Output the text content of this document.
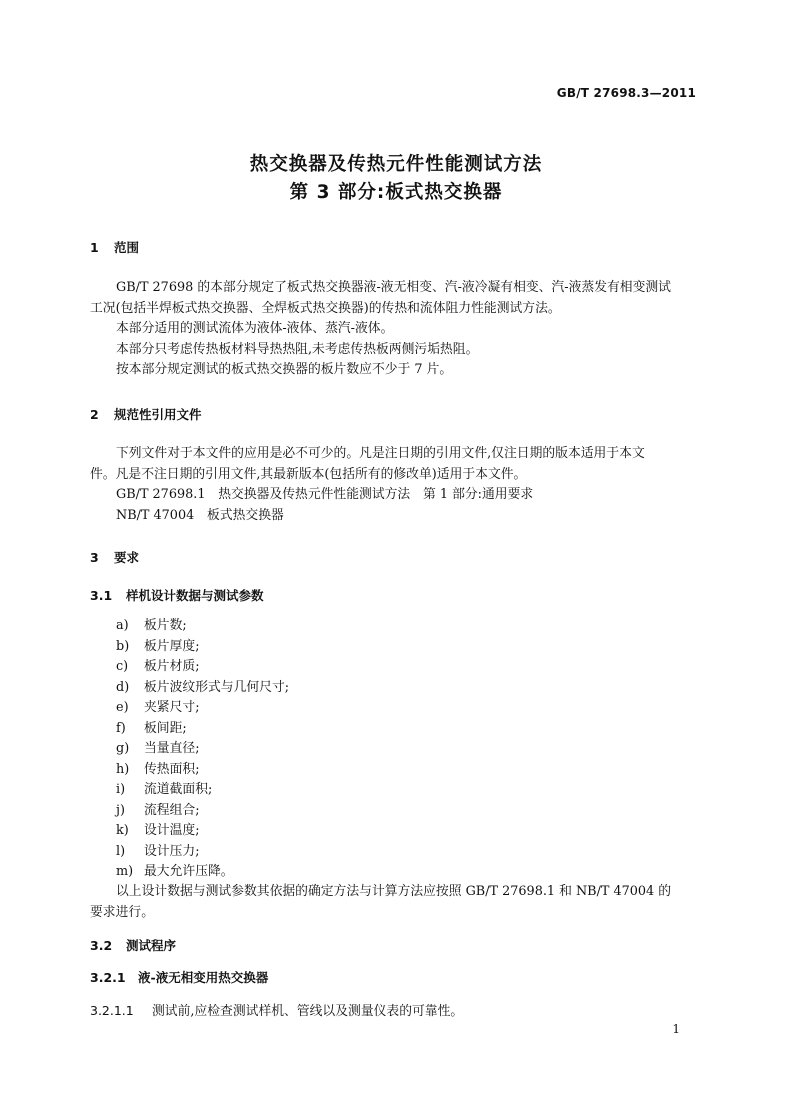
GB/T 27698.3—2011
热交换器及传热元件性能测试方法
第 3 部分:板式热交换器
1 范围
GB/T 27698 的本部分规定了板式热交换器液-液无相变、汽-液冷凝有相变、汽-液蒸发有相变测试
工况(包括半焊板式热交换器、全焊板式热交换器)的传热和流体阻力性能测试方法。
本部分适用的测试流体为液体-液体、蒸汽-液体。
本部分只考虑传热板材料导热热阻,未考虑传热板两侧污垢热阻。
按本部分规定测试的板式热交换器的板片数应不少于 7 片。
2 规范性引用文件
下列文件对于本文件的应用是必不可少的。凡是注日期的引用文件,仅注日期的版本适用于本文
件。凡是不注日期的引用文件,其最新版本(包括所有的修改单)适用于本文件。
GB/T 27698.1　热交换器及传热元件性能测试方法　第 1 部分:通用要求
NB/T 47004　板式热交换器
3 要求
3.1 样机设计数据与测试参数
a) 板片数;
b) 板片厚度;
c) 板片材质;
d) 板片波纹形式与几何尺寸;
e) 夹紧尺寸;
f) 板间距;
g) 当量直径;
h) 传热面积;
i) 流道截面积;
j) 流程组合;
k) 设计温度;
l) 设计压力;
m) 最大允许压降。
以上设计数据与测试参数其依据的确定方法与计算方法应按照 GB/T 27698.1 和 NB/T 47004 的
要求进行。
3.2 测试程序
3.2.1 液-液无相变用热交换器
3.2.1.1 测试前,应检查测试样机、管线以及测量仪表的可靠性。
1
